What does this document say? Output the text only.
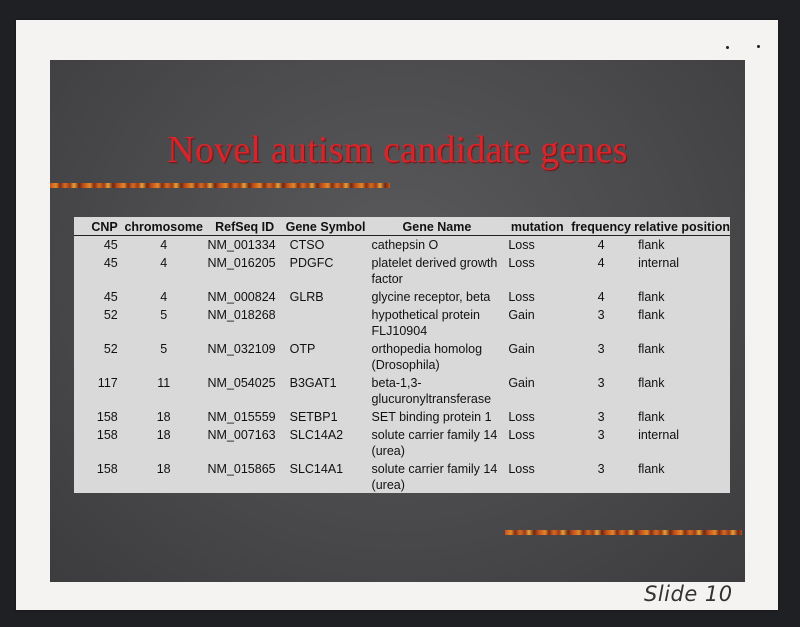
Novel autism candidate genes
CNP	chromosome	RefSeq ID	Gene Symbol	Gene Name	mutation	frequency	relative position
45	4	NM_001334	CTSO	cathepsin O	Loss	4	flank
45	4	NM_016205	PDGFC	platelet derived growth factor	Loss	4	internal
45	4	NM_000824	GLRB	glycine receptor, beta	Loss	4	flank
52	5	NM_018268		hypothetical protein FLJ10904	Gain	3	flank
52	5	NM_032109	OTP	orthopedia homolog (Drosophila)	Gain	3	flank
117	11	NM_054025	B3GAT1	beta-1,3-glucuronyltransferase	Gain	3	flank
158	18	NM_015559	SETBP1	SET binding protein 1	Loss	3	flank
158	18	NM_007163	SLC14A2	solute carrier family 14 (urea)	Loss	3	internal
158	18	NM_015865	SLC14A1	solute carrier family 14 (urea)	Loss	3	flank
Slide 10
